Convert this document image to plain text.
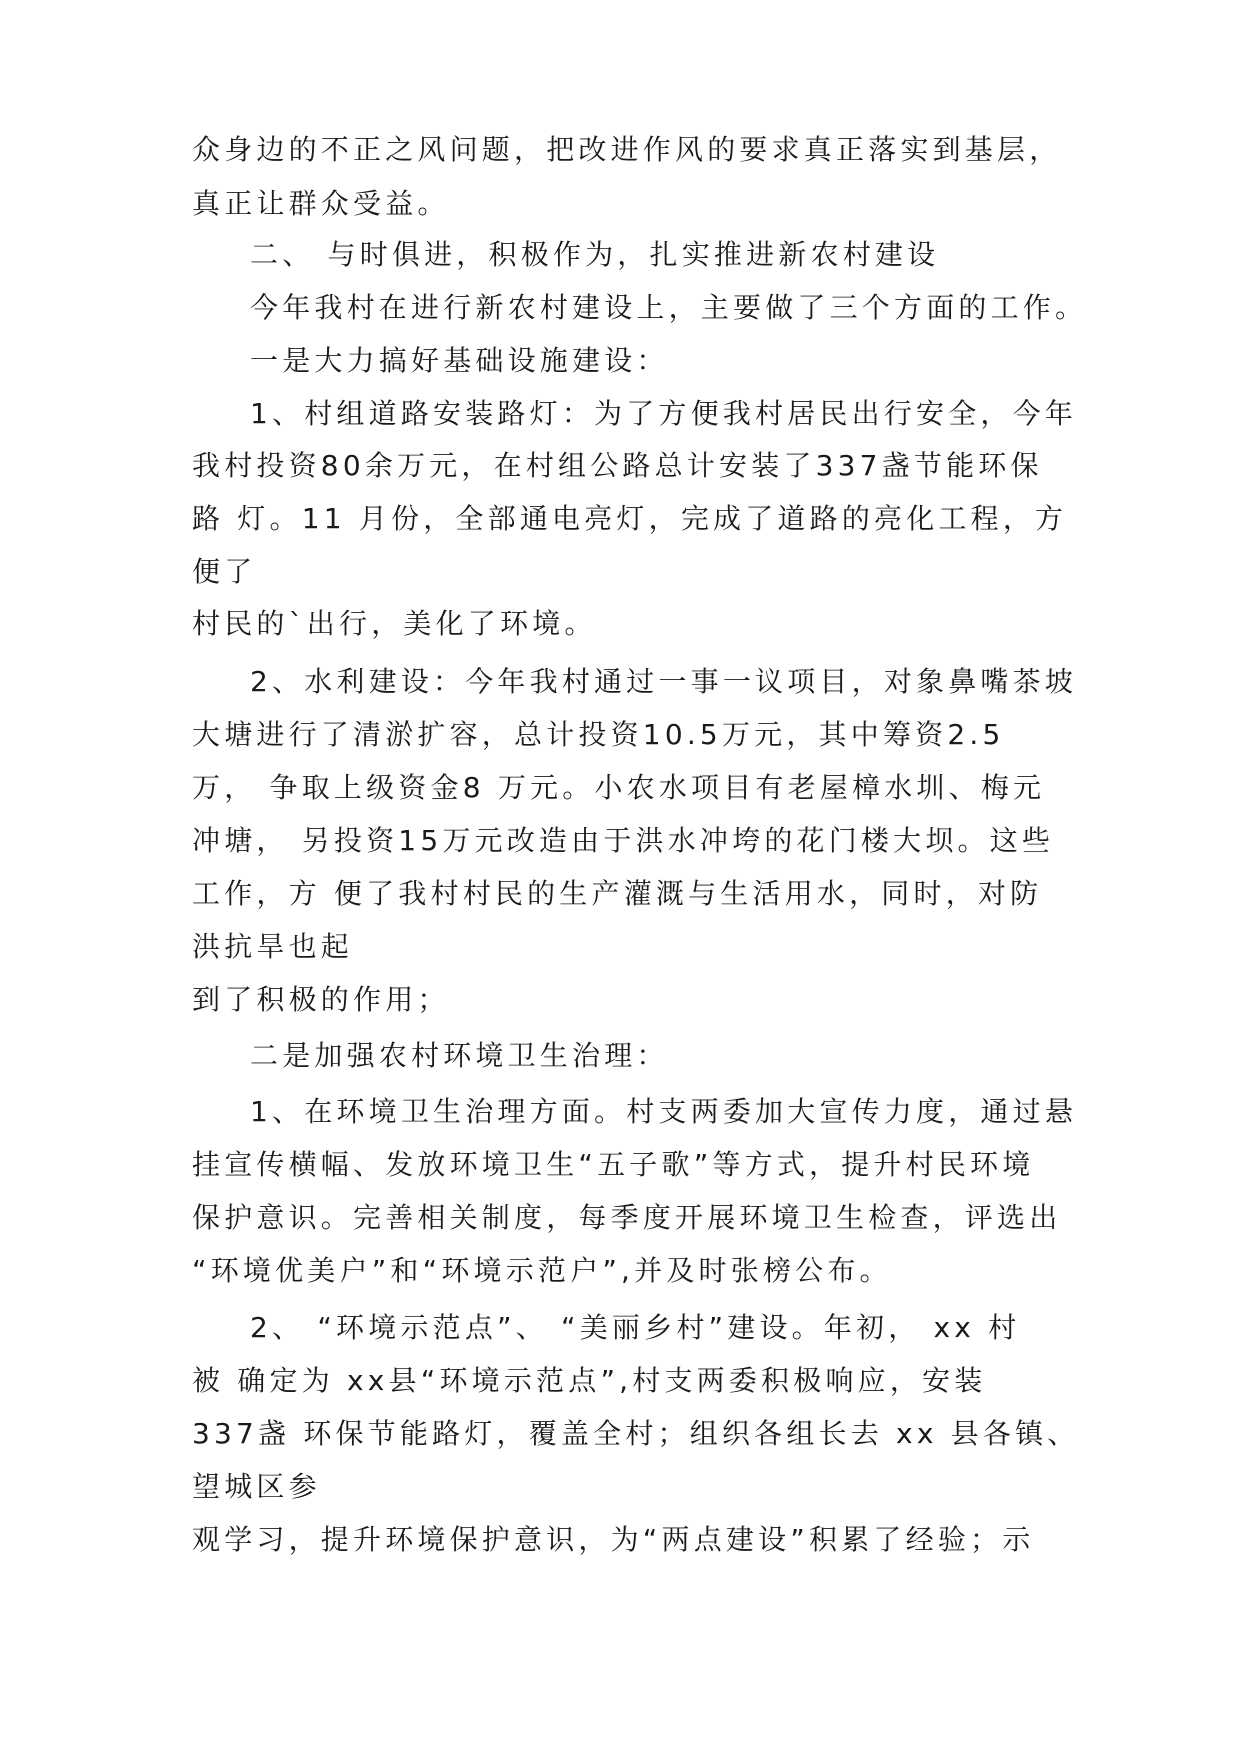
众身边的不正之风问题，把改进作风的要求真正落实到基层，

真正让群众受益。

二、 与时俱进，积极作为，扎实推进新农村建设

今年我村在进行新农村建设上，主要做了三个方面的工作。

一是大力搞好基础设施建设：

1、村组道路安装路灯：为了方便我村居民出行安全，今年

我村投资80余万元，在村组公路总计安装了337盏节能环保

路 灯。11 月份，全部通电亮灯，完成了道路的亮化工程，方

便了

村民的`出行，美化了环境。

2、水利建设：今年我村通过一事一议项目，对象鼻嘴茶坡

大塘进行了清淤扩容，总计投资10.5万元，其中筹资2.5

万， 争取上级资金8 万元。小农水项目有老屋樟水圳、梅元

冲塘， 另投资15万元改造由于洪水冲垮的花门楼大坝。这些

工作，方 便了我村村民的生产灌溉与生活用水，同时，对防

洪抗旱也起

到了积极的作用；

二是加强农村环境卫生治理：

1、在环境卫生治理方面。村支两委加大宣传力度，通过悬

挂宣传横幅、发放环境卫生“五子歌”等方式，提升村民环境

保护意识。完善相关制度，每季度开展环境卫生检查，评选出

“环境优美户”和“环境示范户”,并及时张榜公布。

2、 “环境示范点”、 “美丽乡村”建设。年初， xx 村

被 确定为 xx县“环境示范点”,村支两委积极响应，安装

337盏 环保节能路灯，覆盖全村；组织各组长去 xx 县各镇、

望城区参

观学习，提升环境保护意识，为“两点建设”积累了经验；示
